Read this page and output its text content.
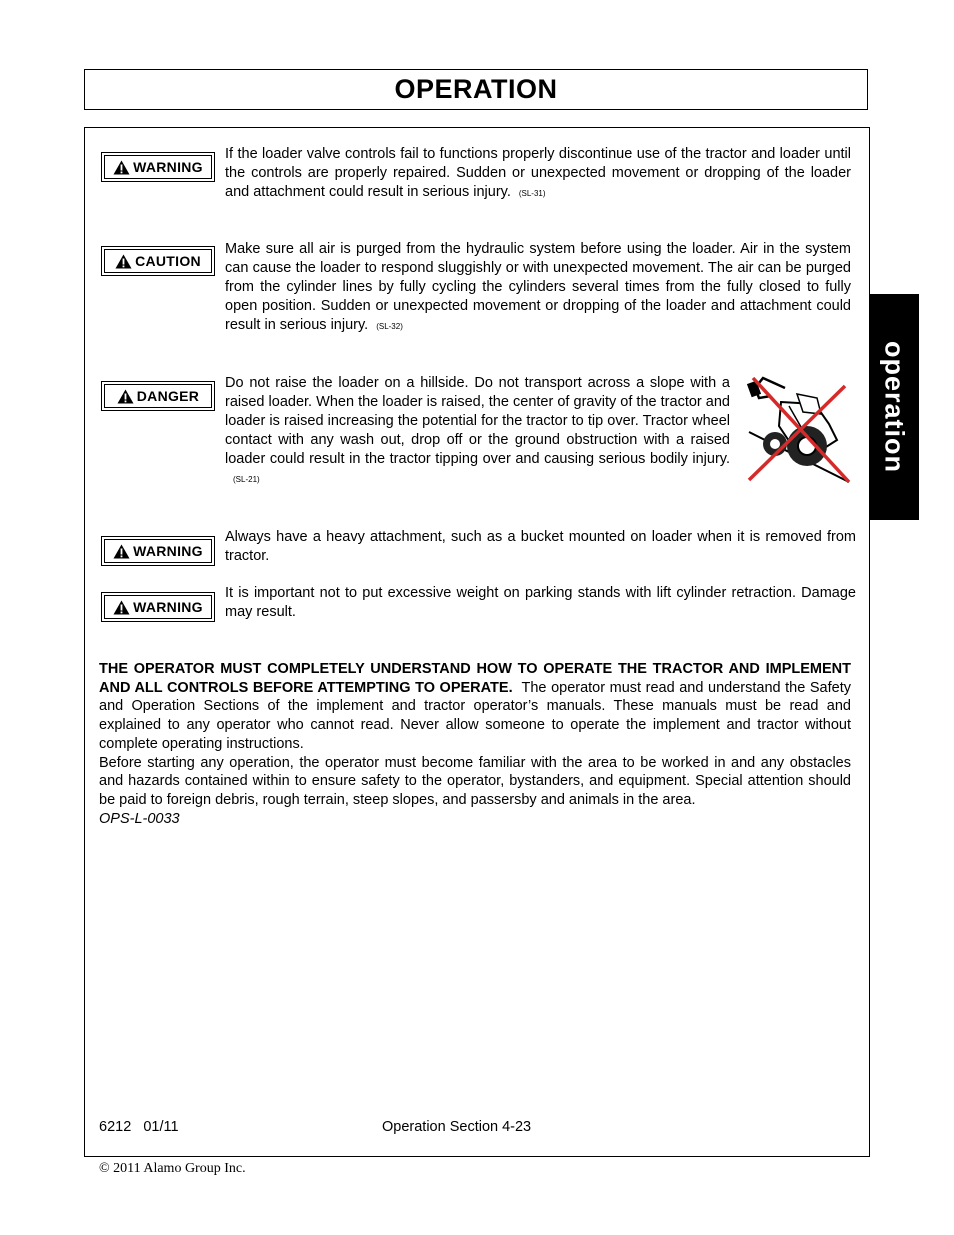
OPERATION
operation
WARNING
If the loader valve controls fail to functions properly discontinue use of the tractor and loader until the controls are properly repaired. Sudden or unexpected movement or dropping of the loader and attachment could result in serious injury. (SL-31)
CAUTION
Make sure all air is purged from the hydraulic system before using the loader. Air in the system can cause the loader to respond sluggishly or with unexpected movement. The air can be purged from the cylinder lines by fully cycling the cylinders several times from the fully closed to fully open position. Sudden or unexpected movement or dropping of the loader and attachment could result in serious injury. (SL-32)
DANGER
Do not raise the loader on a hillside. Do not transport across a slope with a raised loader. When the loader is raised, the center of gravity of the tractor and loader is raised increasing the potential for the tractor to tip over. Tractor wheel contact with any wash out, drop off or the ground obstruction with a raised loader could result in the tractor tipping over and causing serious bodily injury.(SL-21)
WARNING
Always have a heavy attachment, such as a bucket mounted on loader when it is removed from tractor.
WARNING
It is important not to put excessive weight on parking stands with lift cylinder retraction. Damage may result.

THE OPERATOR MUST COMPLETELY UNDERSTAND HOW TO OPERATE THE TRACTOR AND IMPLEMENT AND ALL CONTROLS BEFORE ATTEMPTING TO OPERATE. The operator must read and understand the Safety and Operation Sections of the implement and tractor operator’s manuals. These manuals must be read and explained to any operator who cannot read. Never allow someone to operate the implement and tractor without complete operating instructions.

Before starting any operation, the operator must become familiar with the area to be worked in and any obstacles and hazards contained within to ensure safety to the operator, bystanders, and equipment. Special attention should be paid to foreign debris, rough terrain, steep slopes, and passersby and animals in the area.

OPS-L-0033

6212   01/11	Operation Section 4-23
© 2011 Alamo Group Inc.
